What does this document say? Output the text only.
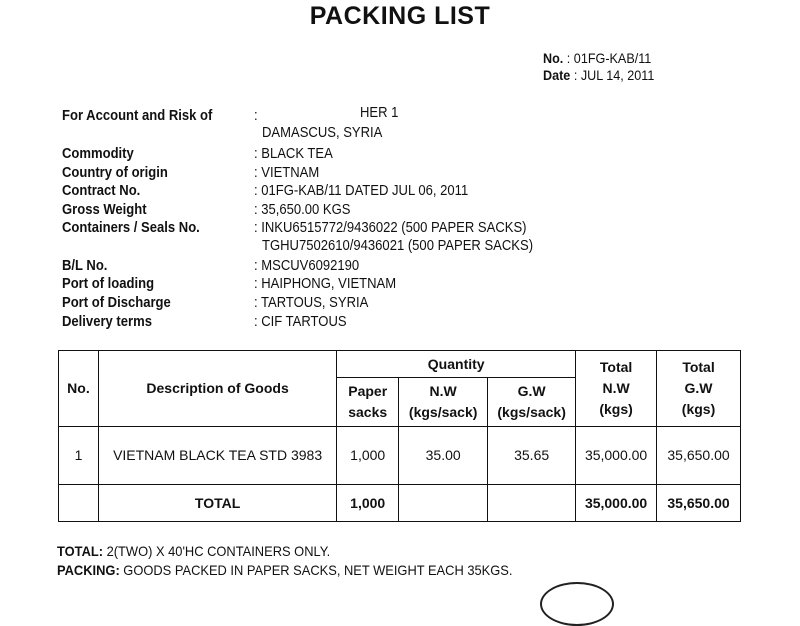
PACKING LIST
No. : 01FG-KAB/11
Date : JUL 14, 2011
For Account and Risk of	:	HER 1
DAMASCUS, SYRIA
Commodity	: BLACK TEA
Country of origin	: VIETNAM
Contract No.	: 01FG-KAB/11 DATED JUL 06, 2011
Gross Weight	: 35,650.00 KGS
Containers / Seals No.	: INKU6515772/9436022 (500 PAPER SACKS)
TGHU7502610/9436021 (500 PAPER SACKS)
B/L No.	: MSCUV6092190
Port of loading	: HAIPHONG, VIETNAM
Port of Discharge	: TARTOUS, SYRIA
Delivery terms	: CIF TARTOUS
No.	Description of Goods	Quantity			Total N.W (kgs)	Total G.W (kgs)
		Paper sacks	N.W (kgs/sack)	G.W (kgs/sack)		
1	VIETNAM BLACK TEA STD 3983	1,000	35.00	35.65	35,000.00	35,650.00
	TOTAL	1,000			35,000.00	35,650.00
TOTAL: 2(TWO) X 40'HC CONTAINERS ONLY.
PACKING: GOODS PACKED IN PAPER SACKS, NET WEIGHT EACH 35KGS.
